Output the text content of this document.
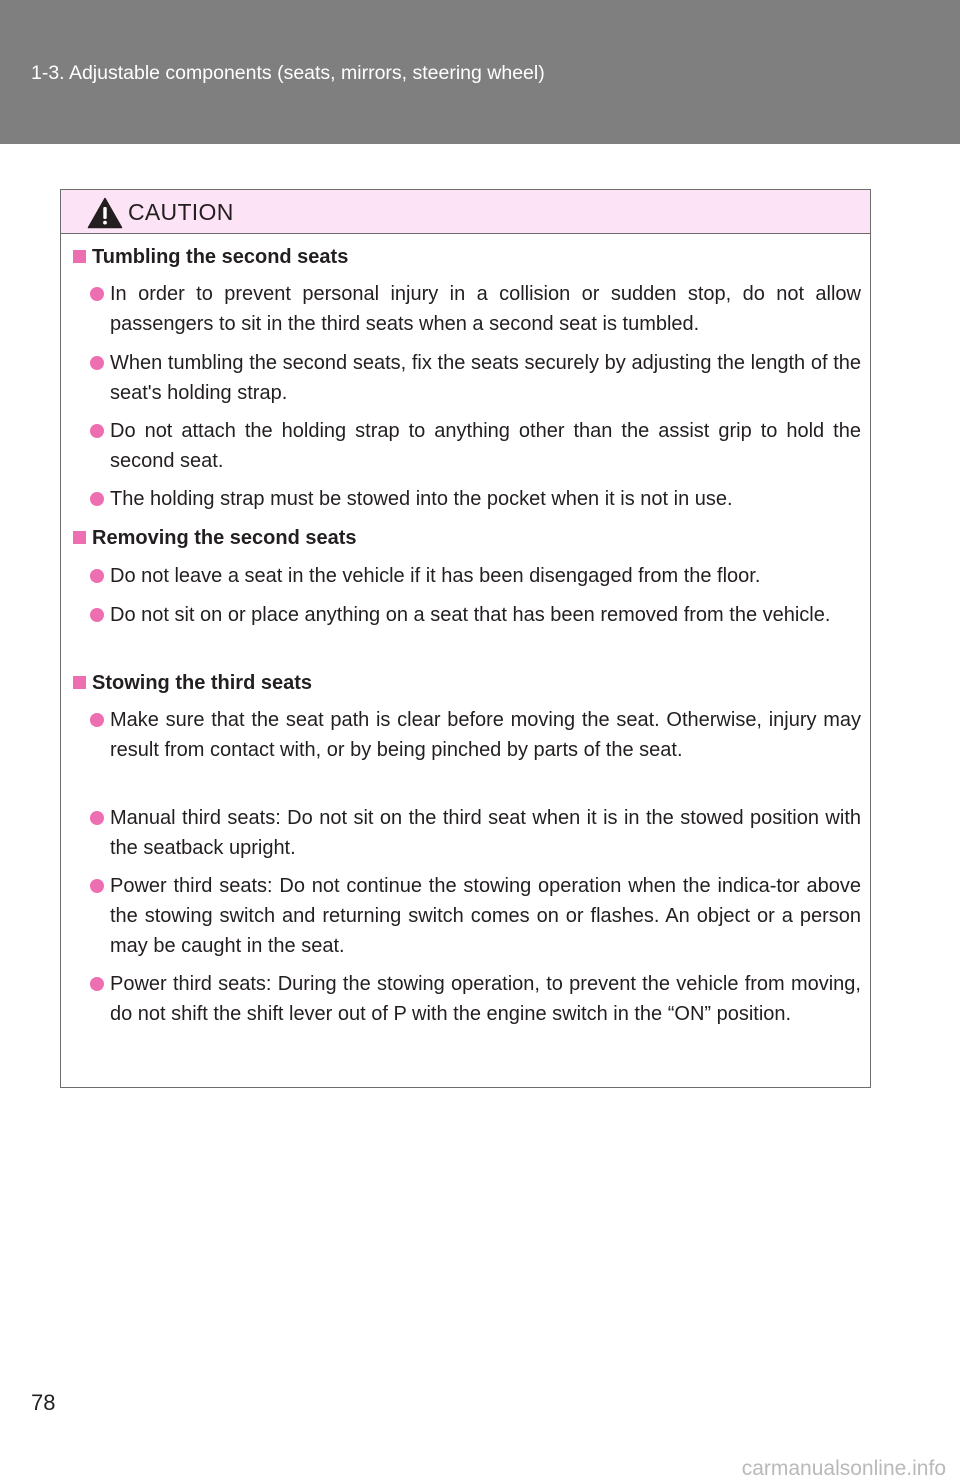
1-3. Adjustable components (seats, mirrors, steering wheel)
CAUTION
Tumbling the second seats
In order to prevent personal injury in a collision or sudden stop, do not allow passengers to sit in the third seats when a second seat is tumbled.
When tumbling the second seats, fix the seats securely by adjusting the length of the seat's holding strap.
Do not attach the holding strap to anything other than the assist grip to hold the second seat.
The holding strap must be stowed into the pocket when it is not in use.
Removing the second seats
Do not leave a seat in the vehicle if it has been disengaged from the floor.
Do not sit on or place anything on a seat that has been removed from the vehicle.
Stowing the third seats
Make sure that the seat path is clear before moving the seat. Otherwise, injury may result from contact with, or by being pinched by parts of the seat.
Manual third seats: Do not sit on the third seat when it is in the stowed position with the seatback upright.
Power third seats: Do not continue the stowing operation when the indica-tor above the stowing switch and returning switch comes on or flashes. An object or a person may be caught in the seat.
Power third seats: During the stowing operation, to prevent the vehicle from moving, do not shift the shift lever out of P with the engine switch in the “ON” position.
78
carmanualsonline.info
